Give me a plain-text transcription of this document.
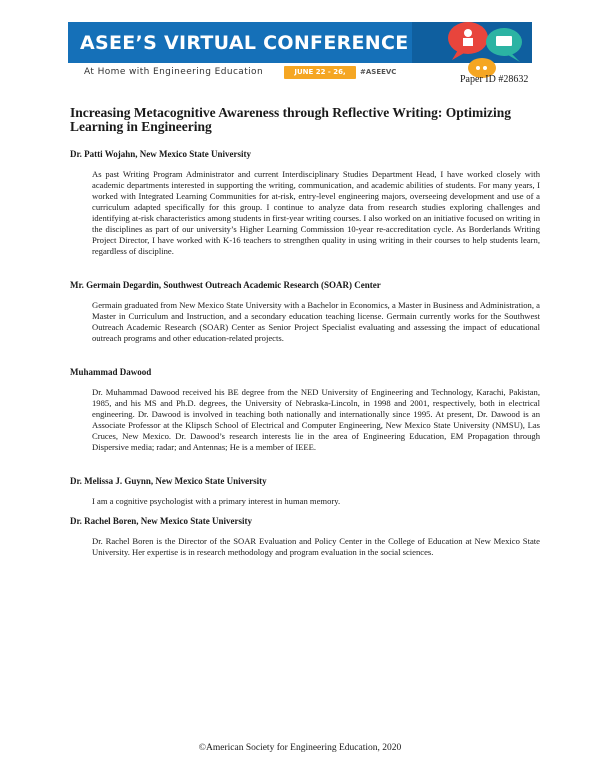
ASEE’S VIRTUAL CONFERENCE
At Home with Engineering Education	JUNE 22 - 26, 2020
#ASEEVC
Paper ID #28632
Increasing Metacognitive Awareness through Reflective Writing: Optimizing Learning in Engineering

Dr. Patti Wojahn, New Mexico State University

As past Writing Program Administrator and current Interdisciplinary Studies Department Head, I have worked closely with academic departments interested in supporting the writing, communication, and academic abilities of students. For many years, I worked with Integrated Learning Communities for at-risk, entry-level engineering majors, overseeing development and use of a curriculum adapted specifically for this group. I continue to analyze data from research studies exploring challenges and identifying at-risk characteristics among students in first-year writing courses. I also worked on an initiative focused on writing in the disciplines as part of our university’s Higher Learning Commission 10-year re-accreditation cycle. As Borderlands Writing Project Director, I have worked with K-16 teachers to strengthen quality in using writing in their courses to help students learn, regardless of discipline.

Mr. Germain Degardin, Southwest Outreach Academic Research (SOAR) Center

Germain graduated from New Mexico State University with a Bachelor in Economics, a Master in Business and Administration, a Master in Curriculum and Instruction, and a secondary education teaching license. Germain currently works for the Southwest Outreach Academic Research (SOAR) Center as Senior Project Specialist evaluating and assessing the impact of educational outreach programs and other education-related projects.

Muhammad Dawood

Dr. Muhammad Dawood received his BE degree from the NED University of Engineering and Technology, Karachi, Pakistan, 1985, and his MS and Ph.D. degrees, the University of Nebraska-Lincoln, in 1998 and 2001, respectively, both in electrical engineering. Dr. Dawood is involved in teaching both nationally and internationally since 1995. At present, Dr. Dawood is an Associate Professor at the Klipsch School of Electrical and Computer Engineering, New Mexico State University (NMSU), Las Cruces, New Mexico. Dr. Dawood’s research interests lie in the area of Engineering Education, EM Propagation through Dispersive media; radar; and Antennas; He is a member of IEEE.

Dr. Melissa J. Guynn, New Mexico State University

I am a cognitive psychologist with a primary interest in human memory.

Dr. Rachel Boren, New Mexico State University

Dr. Rachel Boren is the Director of the SOAR Evaluation and Policy Center in the College of Education at New Mexico State University. Her expertise is in research methodology and program evaluation in the social sciences.

©American Society for Engineering Education, 2020
